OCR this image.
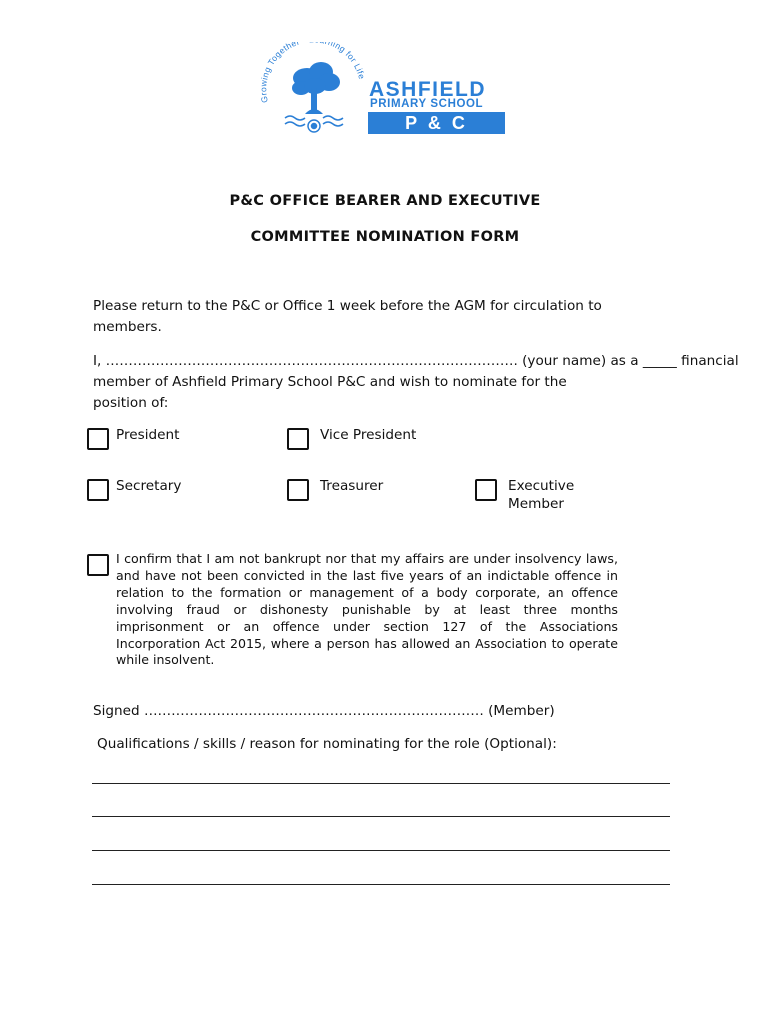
Growing Togethe ning for Life
ASHFIELD
PRIMARY SCHOOL
P & C
P&C OFFICE BEARER AND EXECUTIVE
COMMITTEE NOMINATION FORM
Please return to the P&C or Office 1 week before the AGM for circulation to
members.
I, ………………………………………………………………………………. (your name) as a _____ financial
member of Ashfield Primary School P&C and wish to nominate for the
position of:
President	Vice President
Secretary	Treasurer	Executive
Member
I confirm that I am not bankrupt nor that my affairs are under insolvency laws, and have not been convicted in the last five years of an indictable offence in relation to the formation or management of a body corporate, an offence involving fraud or dishonesty punishable by at least three months imprisonment or an offence under section 127 of the Associations Incorporation Act 2015, where a person has allowed an Association to operate while insolvent.
Signed ………………………………………………………………… (Member)
Qualifications / skills / reason for nominating for the role (Optional):
